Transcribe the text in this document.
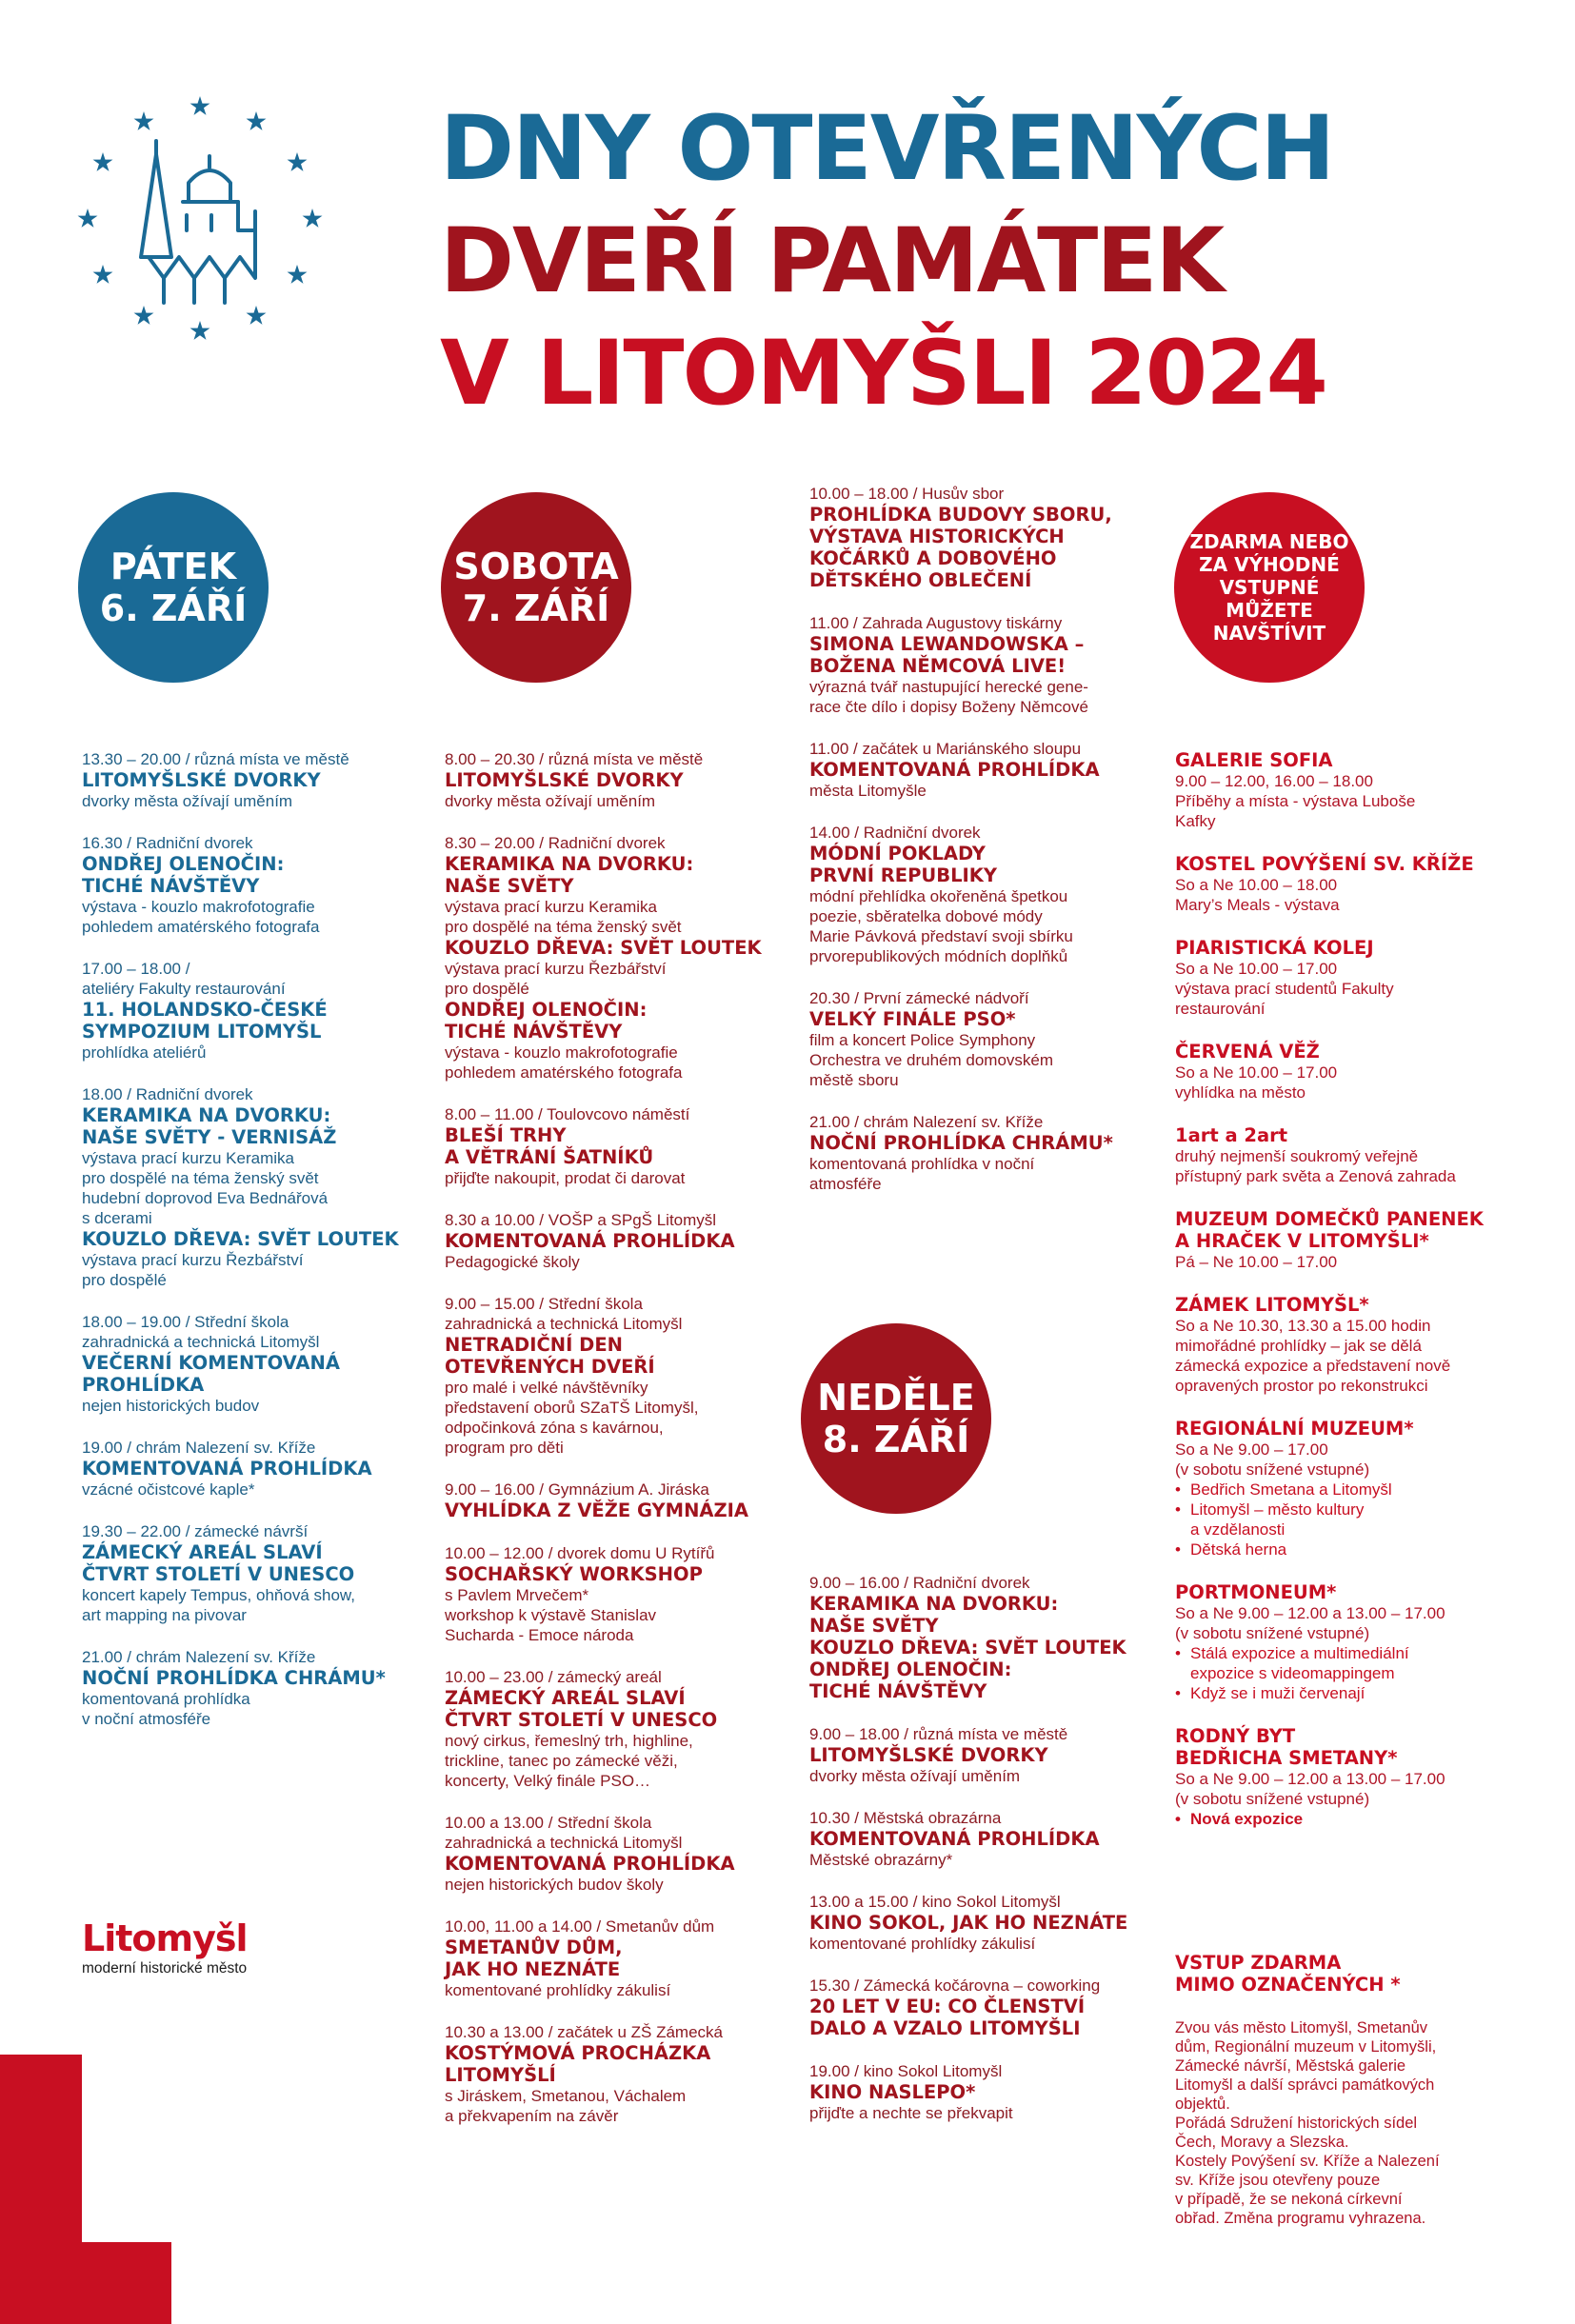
DNY OTEVŘENÝCH
DVEŘÍ PAMÁTEK
V LITOMYŠLI 2024
PÁTEK
6. ZÁŘÍ
SOBOTA
7. ZÁŘÍ
NEDĚLE
8. ZÁŘÍ
ZDARMA NEBO
ZA VÝHODNÉ
VSTUPNÉ
MŮŽETE
NAVŠTÍVIT
13.30 – 20.00 / různá místa ve městě
LITOMYŠLSKÉ DVORKY
dvorky města ožívají uměním
16.30 / Radniční dvorek
ONDŘEJ OLENOČIN:
TICHÉ NÁVŠTĚVY
výstava - kouzlo makrofotografie
pohledem amatérského fotografa
17.00 – 18.00 /
ateliéry Fakulty restaurování
11. HOLANDSKO-ČESKÉ
SYMPOZIUM LITOMYŠL
prohlídka ateliérů
18.00 / Radniční dvorek
KERAMIKA NA DVORKU:
NAŠE SVĚTY - VERNISÁŽ
výstava prací kurzu Keramika
pro dospělé na téma ženský svět
hudební doprovod Eva Bednářová
s dcerami
KOUZLO DŘEVA: SVĚT LOUTEK
výstava prací kurzu Řezbářství
pro dospělé
18.00 – 19.00 / Střední škola
zahradnická a technická Litomyšl
VEČERNÍ KOMENTOVANÁ
PROHLÍDKA
nejen historických budov
19.00 / chrám Nalezení sv. Kříže
KOMENTOVANÁ PROHLÍDKA
vzácné očistcové kaple*
19.30 – 22.00 / zámecké návrší
ZÁMECKÝ AREÁL SLAVÍ
ČTVRT STOLETÍ V UNESCO
koncert kapely Tempus, ohňová show,
art mapping na pivovar
21.00 / chrám Nalezení sv. Kříže
NOČNÍ PROHLÍDKA CHRÁMU*
komentovaná prohlídka
v noční atmosféře
8.00 – 20.30 / různá místa ve městě
LITOMYŠLSKÉ DVORKY
dvorky města ožívají uměním
8.30 – 20.00 / Radniční dvorek
KERAMIKA NA DVORKU:
NAŠE SVĚTY
výstava prací kurzu Keramika
pro dospělé na téma ženský svět
KOUZLO DŘEVA: SVĚT LOUTEK
výstava prací kurzu Řezbářství
pro dospělé
ONDŘEJ OLENOČIN:
TICHÉ NÁVŠTĚVY
výstava - kouzlo makrofotografie
pohledem amatérského fotografa
8.00 – 11.00 / Toulovcovo náměstí
BLEŠÍ TRHY
A VĚTRÁNÍ ŠATNÍKŮ
přijďte nakoupit, prodat či darovat
8.30 a 10.00 / VOŠP a SPgŠ Litomyšl
KOMENTOVANÁ PROHLÍDKA
Pedagogické školy
9.00 – 15.00 / Střední škola
zahradnická a technická Litomyšl
NETRADIČNÍ DEN
OTEVŘENÝCH DVEŘÍ
pro malé i velké návštěvníky
představení oborů SZaTŠ Litomyšl,
odpočinková zóna s kavárnou,
program pro děti
9.00 – 16.00 / Gymnázium A. Jiráska
VYHLÍDKA Z VĚŽE GYMNÁZIA
10.00 – 12.00 / dvorek domu U Rytířů
SOCHAŘSKÝ WORKSHOP
s Pavlem Mrvečem*
workshop k výstavě Stanislav
Sucharda - Emoce národa
10.00 – 23.00 / zámecký areál
ZÁMECKÝ AREÁL SLAVÍ
ČTVRT STOLETÍ V UNESCO
nový cirkus, řemeslný trh, highline,
trickline, tanec po zámecké věži,
koncerty, Velký finále PSO…
10.00 a 13.00 / Střední škola
zahradnická a technická Litomyšl
KOMENTOVANÁ PROHLÍDKA
nejen historických budov školy
10.00, 11.00 a 14.00 / Smetanův dům
SMETANŮV DŮM,
JAK HO NEZNÁTE
komentované prohlídky zákulisí
10.30 a 13.00 / začátek u ZŠ Zámecká
KOSTÝMOVÁ PROCHÁZKA
LITOMYŠLÍ
s Jiráskem, Smetanou, Váchalem
a překvapením na závěr
10.00 – 18.00 / Husův sbor
PROHLÍDKA BUDOVY SBORU,
VÝSTAVA HISTORICKÝCH
KOČÁRKŮ A DOBOVÉHO
DĚTSKÉHO OBLEČENÍ
11.00 / Zahrada Augustovy tiskárny
SIMONA LEWANDOWSKA –
BOŽENA NĚMCOVÁ LIVE!
výrazná tvář nastupující herecké gene-
race čte dílo i dopisy Boženy Němcové
11.00 / začátek u Mariánského sloupu
KOMENTOVANÁ PROHLÍDKA
města Litomyšle
14.00 / Radniční dvorek
MÓDNÍ POKLADY
PRVNÍ REPUBLIKY
módní přehlídka okořeněná špetkou
poezie, sběratelka dobové módy
Marie Pávková představí svoji sbírku
prvorepublikových módních doplňků
20.30 / První zámecké nádvoří
VELKÝ FINÁLE PSO*
film a koncert Police Symphony
Orchestra ve druhém domovském
městě sboru
21.00 / chrám Nalezení sv. Kříže
NOČNÍ PROHLÍDKA CHRÁMU*
komentovaná prohlídka v noční
atmosféře
9.00 – 16.00 / Radniční dvorek
KERAMIKA NA DVORKU:
NAŠE SVĚTY
KOUZLO DŘEVA: SVĚT LOUTEK
ONDŘEJ OLENOČIN:
TICHÉ NÁVŠTĚVY
9.00 – 18.00 / různá místa ve městě
LITOMYŠLSKÉ DVORKY
dvorky města ožívají uměním
10.30 / Městská obrazárna
KOMENTOVANÁ PROHLÍDKA
Městské obrazárny*
13.00 a 15.00 / kino Sokol Litomyšl
KINO SOKOL, JAK HO NEZNÁTE
komentované prohlídky zákulisí
15.30 / Zámecká kočárovna – coworking
20 LET V EU: CO ČLENSTVÍ
DALO A VZALO LITOMYŠLI
19.00 / kino Sokol Litomyšl
KINO NASLEPO*
přijďte a nechte se překvapit
GALERIE SOFIA
9.00 – 12.00, 16.00 – 18.00
Příběhy a místa - výstava Luboše
Kafky
KOSTEL POVÝŠENÍ SV. KŘÍŽE
So a Ne 10.00 – 18.00
Mary’s Meals - výstava
PIARISTICKÁ KOLEJ
So a Ne 10.00 – 17.00
výstava prací studentů Fakulty
restaurování
ČERVENÁ VĚŽ
So a Ne 10.00 – 17.00
vyhlídka na město
1art a 2art
druhý nejmenší soukromý veřejně
přístupný park světa a Zenová zahrada
MUZEUM DOMEČKŮ PANENEK
A HRAČEK V LITOMYŠLI*
Pá – Ne 10.00 – 17.00
ZÁMEK LITOMYŠL*
So a Ne 10.30, 13.30 a 15.00 hodin
mimořádné prohlídky – jak se dělá
zámecká expozice a představení nově
opravených prostor po rekonstrukci
REGIONÁLNÍ MUZEUM*
So a Ne 9.00 – 17.00
(v sobotu snížené vstupné)
• Bedřich Smetana a Litomyšl
• Litomyšl – město kultury
a vzdělanosti
• Dětská herna
PORTMONEUM*
So a Ne 9.00 – 12.00 a 13.00 – 17.00
(v sobotu snížené vstupné)
• Stálá expozice a multimediální
expozice s videomappingem
• Když se i muži červenají
RODNÝ BYT
BEDŘICHA SMETANY*
So a Ne 9.00 – 12.00 a 13.00 – 17.00
(v sobotu snížené vstupné)
• Nová expozice
VSTUP ZDARMA
MIMO OZNAČENÝCH *
Zvou vás město Litomyšl, Smetanův
dům, Regionální muzeum v Litomyšli,
Zámecké návrší, Městská galerie
Litomyšl a další správci památkových
objektů.
Pořádá Sdružení historických sídel
Čech, Moravy a Slezska.
Kostely Povýšení sv. Kříže a Nalezení
sv. Kříže jsou otevřeny pouze
v případě, že se nekoná církevní
obřad. Změna programu vyhrazena.
Litomyšl
moderní historické město
